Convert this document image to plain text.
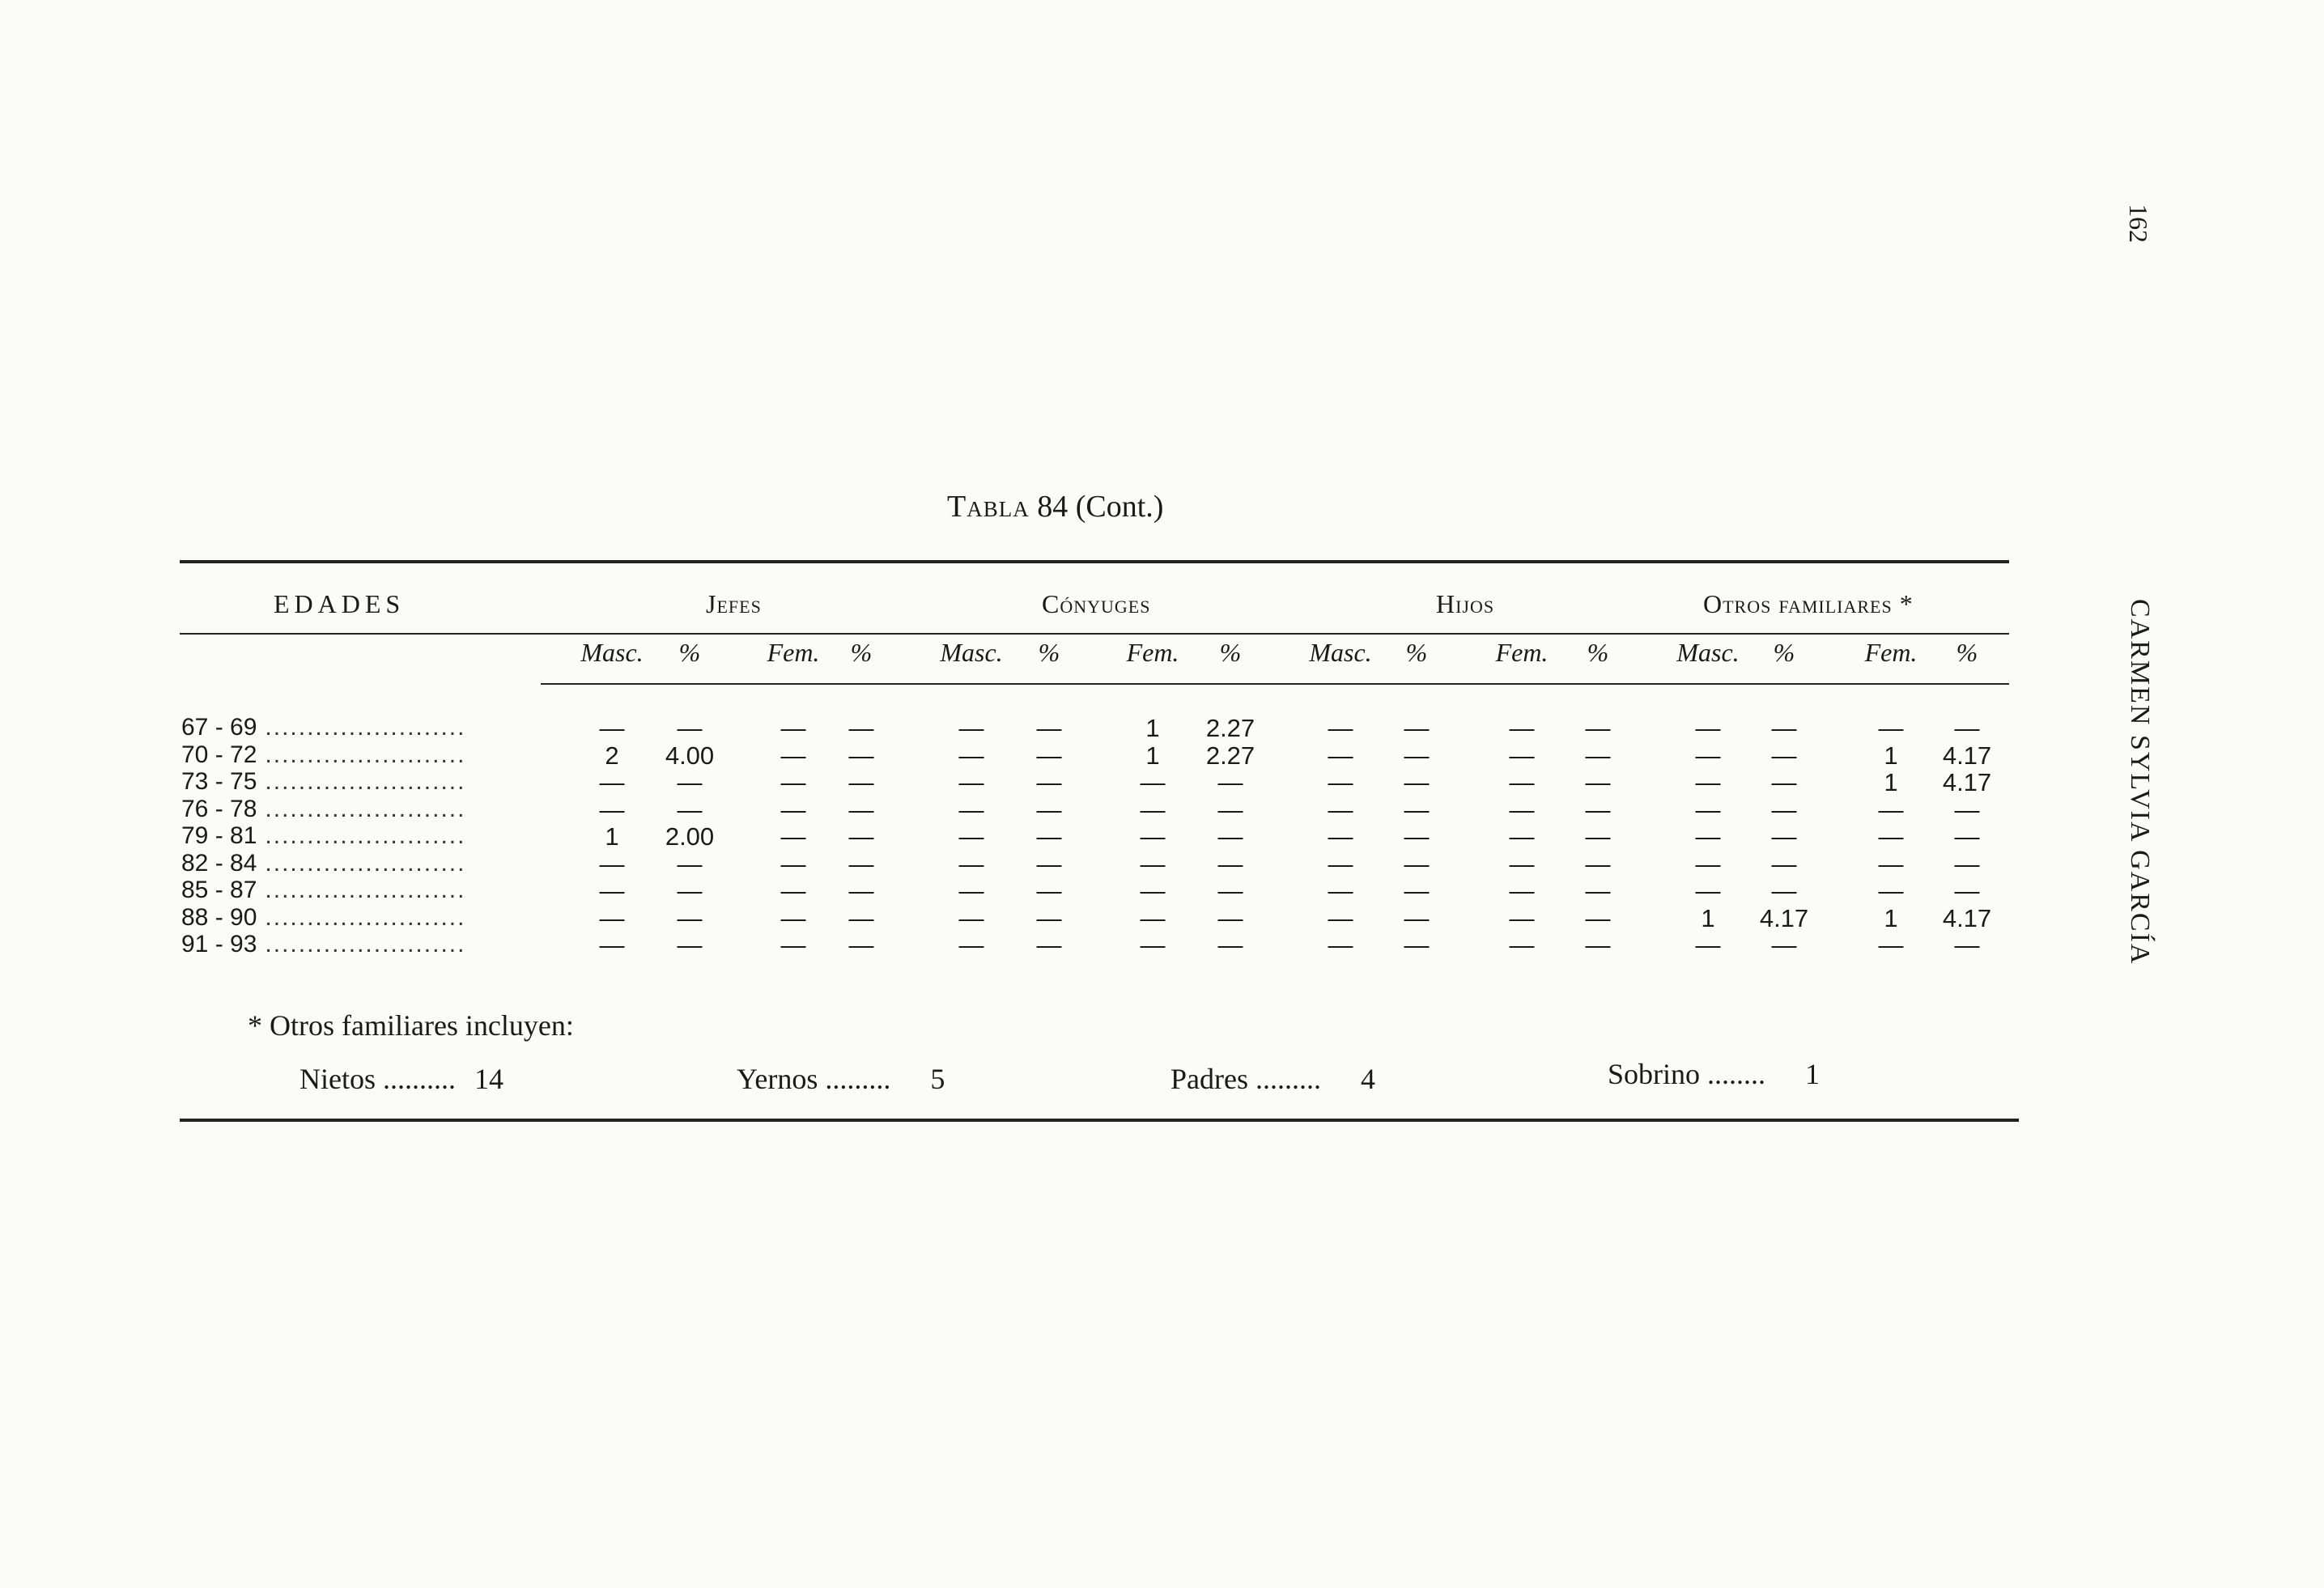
Tabla 84 (Cont.)
EDADES	Jefes	Cónyuges	Hijos	Otros familiares *
Masc. %	Fem. %	Masc. %	Fem. %	Masc. %	Fem. %	Masc. %	Fem. %
67 - 69 ........................	— —	— —	— —	1 2.27	— —	— —	— —	— —
70 - 72 ........................	2 4.00	— —	— —	1 2.27	— —	— —	— —	1 4.17
73 - 75 ........................	— —	— —	— —	— —	— —	— —	— —	1 4.17
76 - 78 ........................	— —	— —	— —	— —	— —	— —	— —	— —
79 - 81 ........................	1 2.00	— —	— —	— —	— —	— —	— —	— —
82 - 84 ........................	— —	— —	— —	— —	— —	— —	— —	— —
85 - 87 ........................	— —	— —	— —	— —	— —	— —	— —	— —
88 - 90 ........................	— —	— —	— —	— —	— —	— —	1 4.17	1 4.17
91 - 93 ........................	— —	— —	— —	— —	— —	— —	— —	— —
* Otros familiares incluyen:
Nietos .......... 14	Yernos ......... 5	Padres ......... 4	Sobrino ........ 1
CARMEN SYLVIA GARCÍA
162
